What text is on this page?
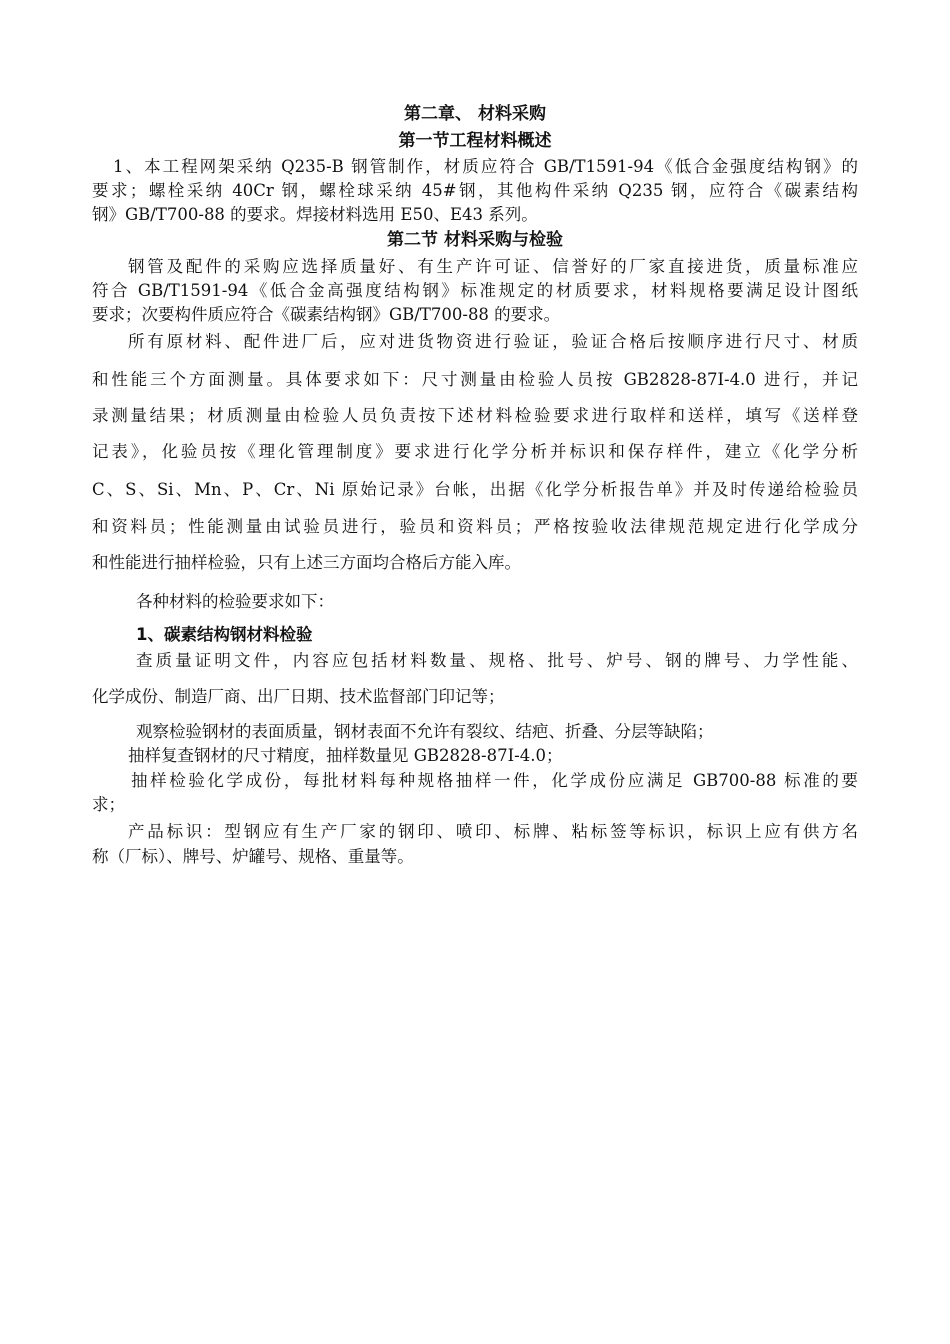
第二章、 材料采购
第一节工程材料概述
1、本工程网架采纳 Q235-B 钢管制作，材质应符合 GB/T1591-94《低合金强度结构钢》的
要求；螺栓采纳 40Cr 钢，螺栓球采纳 45#钢，其他构件采纳 Q235 钢，应符合《碳素结构
钢》GB/T700-88 的要求。焊接材料选用 E50、E43 系列。
第二节 材料采购与检验
钢管及配件的采购应选择质量好、有生产许可证、信誉好的厂家直接进货，质量标准应
符合 GB/T1591-94《低合金高强度结构钢》标准规定的材质要求，材料规格要满足设计图纸
要求；次要构件质应符合《碳素结构钢》GB/T700-88 的要求。
所有原材料、配件进厂后，应对进货物资进行验证，验证合格后按顺序进行尺寸、材质
和性能三个方面测量。具体要求如下：尺寸测量由检验人员按 GB2828-87I-4.0 进行，并记
录测量结果；材质测量由检验人员负责按下述材料检验要求进行取样和送样，填写《送样登
记表》，化验员按《理化管理制度》要求进行化学分析并标识和保存样件，建立《化学分析
C、S、Si、Mn、P、Cr、Ni 原始记录》台帐，出据《化学分析报告单》并及时传递给检验员
和资料员；性能测量由试验员进行，验员和资料员；严格按验收法律规范规定进行化学成分
和性能进行抽样检验，只有上述三方面均合格后方能入库。
各种材料的检验要求如下：
1、碳素结构钢材料检验
查质量证明文件，内容应包括材料数量、规格、批号、炉号、钢的牌号、力学性能、
化学成份、制造厂商、出厂日期、技术监督部门印记等；
观察检验钢材的表面质量，钢材表面不允许有裂纹、结疤、折叠、分层等缺陷；
抽样复查钢材的尺寸精度，抽样数量见 GB2828-87I-4.0；
抽样检验化学成份，每批材料每种规格抽样一件，化学成份应满足 GB700-88 标准的要
求；
产品标识：型钢应有生产厂家的钢印、喷印、标牌、粘标签等标识，标识上应有供方名
称（厂标）、牌号、炉罐号、规格、重量等。
